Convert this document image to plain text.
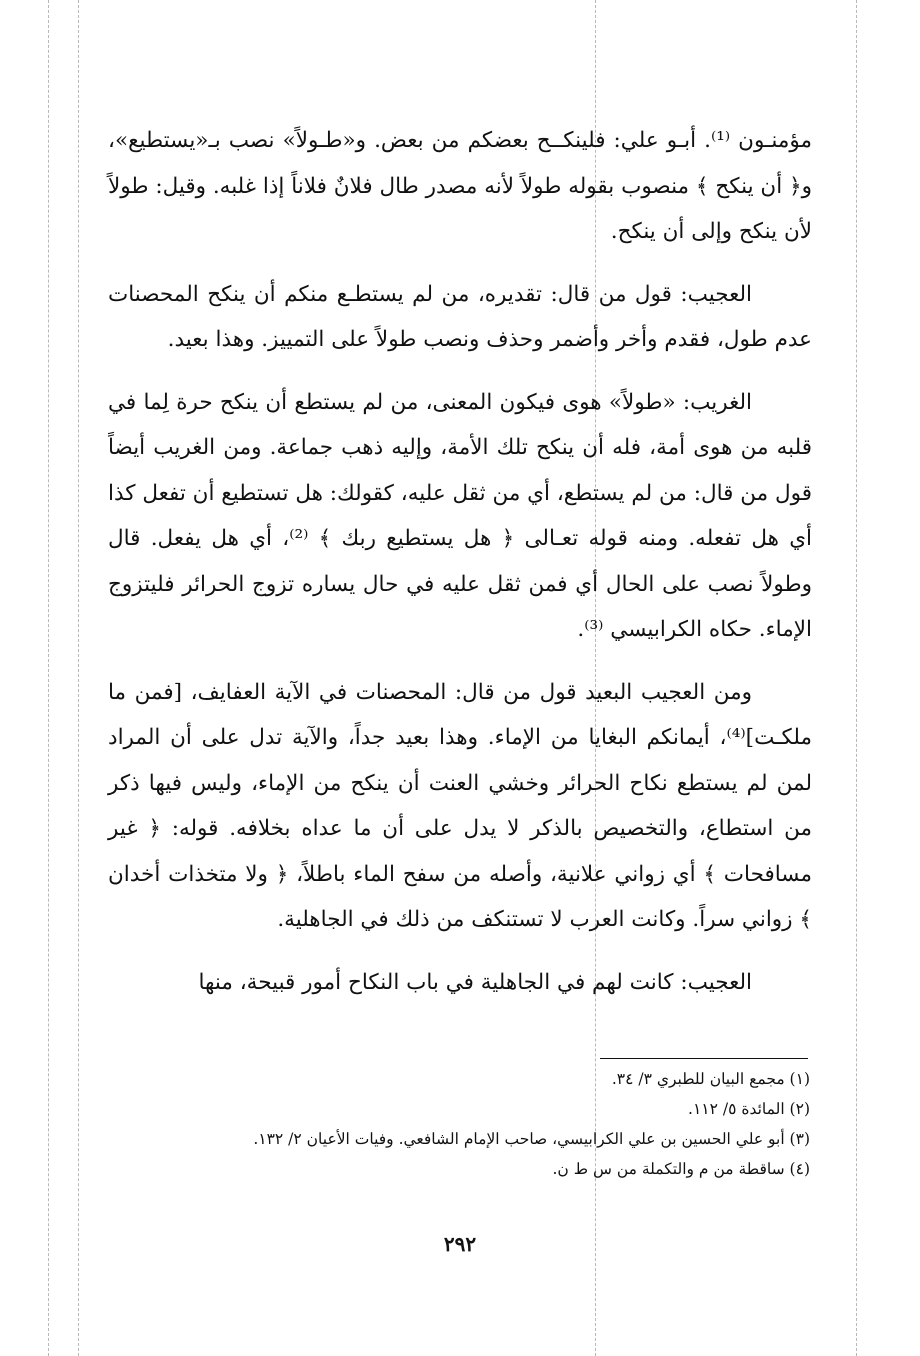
مؤمنـون ⁽¹⁾. أبـو علي: فلينكــح بعضكم من بعض. و«طـولاً» نصب بـ«يستطيع»، و﴿ أن ينكح ﴾ منصوب بقوله طولاً لأنه مصدر طال فلانٌ فلاناً إذا غلبه. وقيل: طولاً لأن ينكح وإلى أن ينكح.

العجيب: قول من قال: تقديره، من لم يستطـع منكم أن ينكح المحصنات عدم طول، فقدم وأخر وأضمر وحذف ونصب طولاً على التمييز. وهذا بعيد.

الغريب: «طولاً» هوى فيكون المعنى، من لم يستطع أن ينكح حرة لِما في قلبه من هوى أمة، فله أن ينكح تلك الأمة، وإليه ذهب جماعة. ومن الغريب أيضاً قول من قال: من لم يستطع، أي من ثقل عليه، كقولك: هل تستطيع أن تفعل كذا أي هل تفعله. ومنه قوله تعـالى ﴿ هل يستطيع ربك ﴾ ⁽²⁾، أي هل يفعل. قال وطولاً نصب على الحال أي فمن ثقل عليه في حال يساره تزوج الحرائر فليتزوج الإماء. حكاه الكرابيسي ⁽³⁾.

ومن العجيب البعيد قول من قال: المحصنات في الآية العفايف، [فمن ما ملكـت]⁽⁴⁾، أيمانكم البغايا من الإماء. وهذا بعيد جداً، والآية تدل على أن المراد لمن لم يستطع نكاح الحرائر وخشي العنت أن ينكح من الإماء، وليس فيها ذكر من استطاع، والتخصيص بالذكر لا يدل على أن ما عداه بخلافه. قوله: ﴿ غير مسافحات ﴾ أي زواني علانية، وأصله من سفح الماء باطلاً، ﴿ ولا متخذات أخدان ﴾ زواني سراً. وكانت العرب لا تستنكف من ذلك في الجاهلية.

العجيب: كانت لهم في الجاهلية في باب النكاح أمور قبيحة، منها

(١) مجمع البيان للطبري ٣/ ٣٤.
(٢) المائدة ٥/ ١١٢.
(٣) أبو علي الحسين بن علي الكرابيسي، صاحب الإمام الشافعي. وفيات الأعيان ٢/ ١٣٢.
(٤) ساقطة من م والتكملة من س ط ن.
٢٩٢
